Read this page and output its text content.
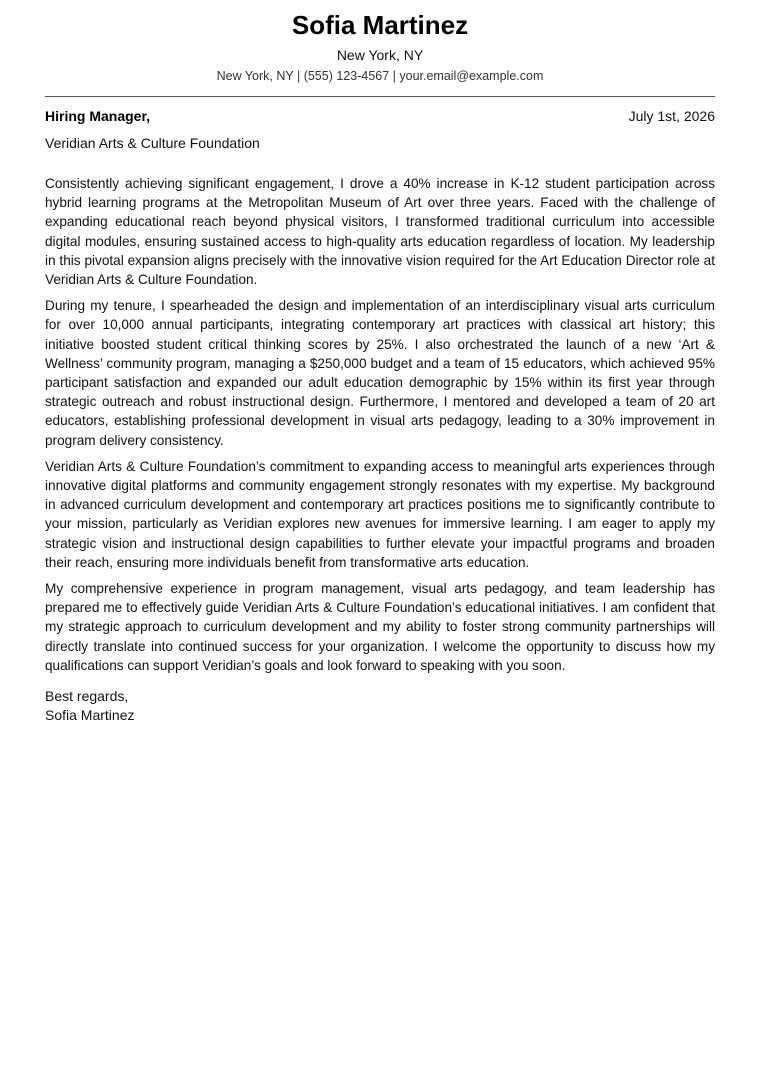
Sofia Martinez
New York, NY
New York, NY | (555) 123-4567 | your.email@example.com
Hiring Manager,	July 1st, 2026
Veridian Arts & Culture Foundation

Consistently achieving significant engagement, I drove a 40% increase in K-12 student participation across hybrid learning programs at the Metropolitan Museum of Art over three years. Faced with the challenge of expanding educational reach beyond physical visitors, I transformed traditional curriculum into accessible digital modules, ensuring sustained access to high-quality arts education regardless of location. My leadership in this pivotal expansion aligns precisely with the innovative vision required for the Art Education Director role at Veridian Arts & Culture Foundation.

During my tenure, I spearheaded the design and implementation of an interdisciplinary visual arts curriculum for over 10,000 annual participants, integrating contemporary art practices with classical art history; this initiative boosted student critical thinking scores by 25%. I also orchestrated the launch of a new ‘Art & Wellness’ community program, managing a $250,000 budget and a team of 15 educators, which achieved 95% participant satisfaction and expanded our adult education demographic by 15% within its first year through strategic outreach and robust instructional design. Furthermore, I mentored and developed a team of 20 art educators, establishing professional development in visual arts pedagogy, leading to a 30% improvement in program delivery consistency.

Veridian Arts & Culture Foundation’s commitment to expanding access to meaningful arts experiences through innovative digital platforms and community engagement strongly resonates with my expertise. My background in advanced curriculum development and contemporary art practices positions me to significantly contribute to your mission, particularly as Veridian explores new avenues for immersive learning. I am eager to apply my strategic vision and instructional design capabilities to further elevate your impactful programs and broaden their reach, ensuring more individuals benefit from transformative arts education.

My comprehensive experience in program management, visual arts pedagogy, and team leadership has prepared me to effectively guide Veridian Arts & Culture Foundation’s educational initiatives. I am confident that my strategic approach to curriculum development and my ability to foster strong community partnerships will directly translate into continued success for your organization. I welcome the opportunity to discuss how my qualifications can support Veridian’s goals and look forward to speaking with you soon.

Best regards,
Sofia Martinez
